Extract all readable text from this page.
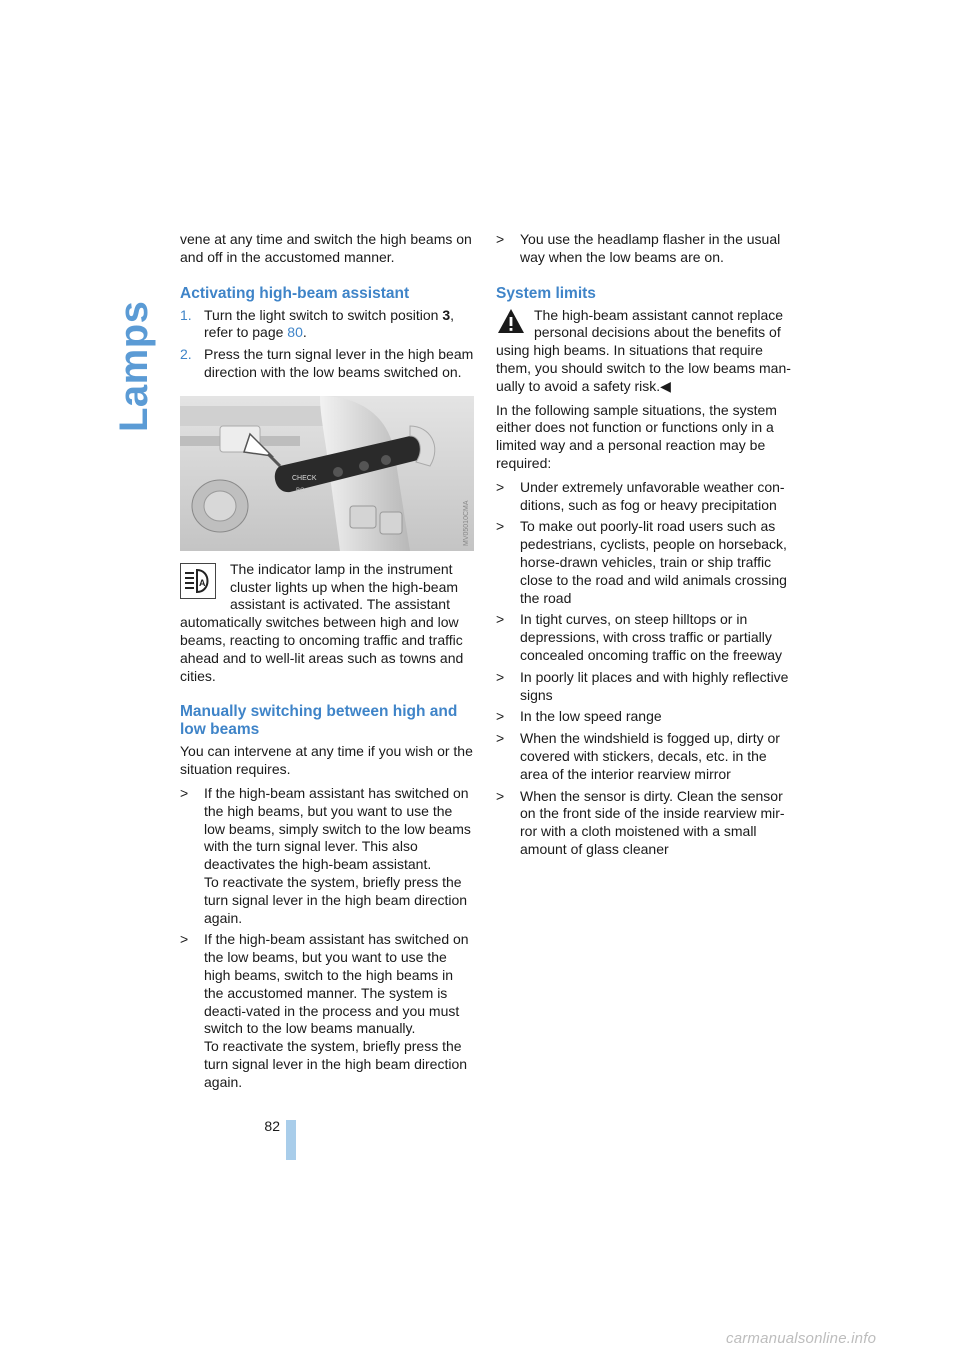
Lamps

vene at any time and switch the high beams on and off in the accustomed manner.

Activating high-beam assistant
1. Turn the light switch to switch position 3, refer to page 80.
2. Press the turn signal lever in the high beam direction with the low beams switched on.
CHECK
BC
MV05010CMA
A

The indicator lamp in the instrument cluster lights up when the high-beam assistant is activated. The assistant automatically switches between high and low beams, reacting to oncoming traffic and traffic ahead and to well-lit areas such as towns and cities.

Manually switching between high and low beams

You can intervene at any time if you wish or the situation requires.

>	If the high-beam assistant has switched on the high beams, but you want to use the low beams, simply switch to the low beams with the turn signal lever. This also deactivates the high-beam assistant.
To reactivate the system, briefly press the turn signal lever in the high beam direction again.
>	If the high-beam assistant has switched on the low beams, but you want to use the high beams, switch to the high beams in the accustomed manner. The system is deacti-vated in the process and you must switch to the low beams manually.
To reactivate the system, briefly press the turn signal lever in the high beam direction again.
>	You use the headlamp flasher in the usual way when the low beams are on.
System limits

The high-beam assistant cannot replace personal decisions about the benefits of using high beams. In situations that require them, you should switch to the low beams man-ually to avoid a safety risk.◀

In the following sample situations, the system either does not function or functions only in a limited way and a personal reaction may be required:

>	Under extremely unfavorable weather con-ditions, such as fog or heavy precipitation
>	To make out poorly-lit road users such as pedestrians, cyclists, people on horseback, horse-drawn vehicles, train or ship traffic close to the road and wild animals crossing the road
>	In tight curves, on steep hilltops or in depressions, with cross traffic or partially concealed oncoming traffic on the freeway
>	In poorly lit places and with highly reflective signs
>	In the low speed range
>	When the windshield is fogged up, dirty or covered with stickers, decals, etc. in the area of the interior rearview mirror
>	When the sensor is dirty. Clean the sensor on the front side of the inside rearview mir-ror with a cloth moistened with a small amount of glass cleaner
82
carmanualsonline.info
